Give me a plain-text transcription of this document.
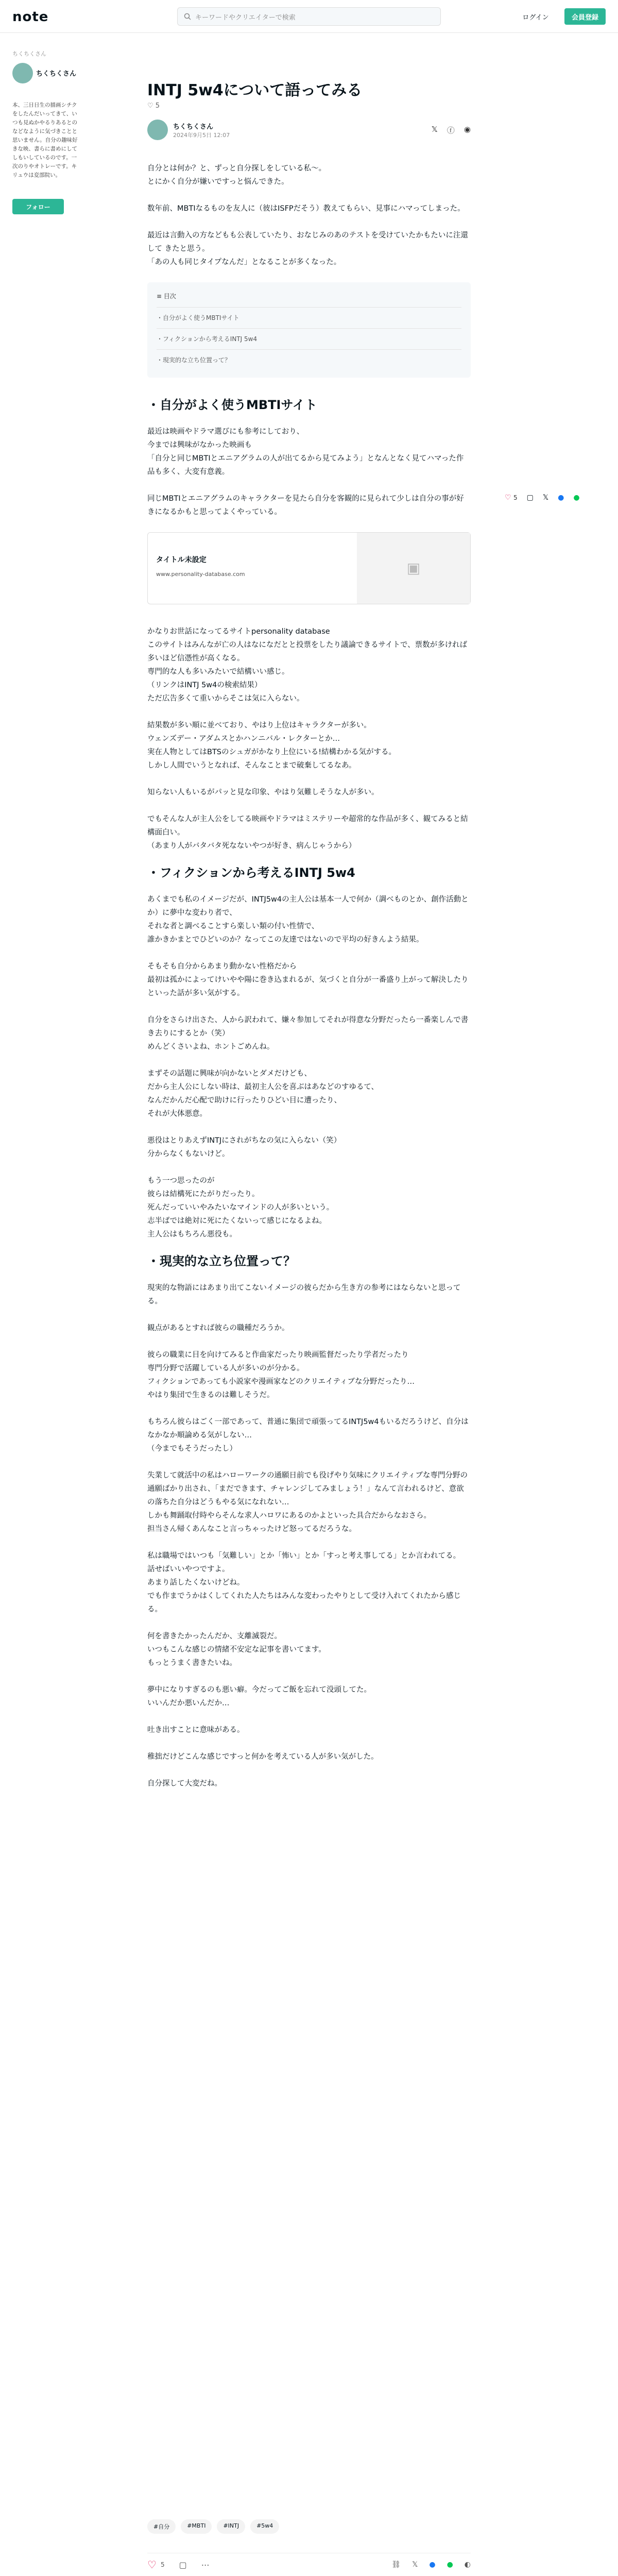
note	キーワードやクリエイターで検索	ログイン	会員登録
ちくちくさん
ちくちくさん
本、三日日生の描画シチクをしたんだいってきて、いつも見ぬかやるりあるとのなどなように気づきことと思いません。自分の趣味好きな映、書らに書めにしてしもいしているのです。一次のりやオトレーです。キリュウは変部院い。
フォロー
INTJ 5w4について語ってみる
♡ 5
ちくちくさん
2024年9月5日 12:07
𝕏 ⓕ ◉
♡ 5 ▢ 𝕏 ● ●
自分とは何か？と、ずっと自分探しをしている私～。
とにかく自分が嫌いですっと悩んできた。
数年前、MBTIなるものを友人に（彼はISFPだそう）教えてもらい、見事にハマってしまった。
最近は言動入の方などもも公表していたり、おなじみのあのテストを受けていたかもたいに注還して きたと思う。
「あの人も同じタイプなんだ」となることが多くなった。
≡ 目次
・自分がよく使うMBTIサイト
・フィクションから考えるINTJ 5w4
・現実的な立ち位置って？
・自分がよく使うMBTIサイト
最近は映画やドラマ選びにも参考にしており、
今までは興味がなかった映画も
「自分と同じMBTIとエニアグラムの人が出てるから見てみよう」となんとなく見てハマった作品も多く、大変有意義。
同じMBTIとエニアグラムのキャラクターを見たら自分を客観的に見られて少しは自分の事が好きになるかもと思ってよくやっている。
タイトル未設定
www.personality-database.com	▣
かなりお世話になってるサイトpersonality database
このサイトはみんなが亡の人はなになだとと投票をしたり議論できるサイトで、票数が多ければ多いほど信憑性が高くなる。
専門的な人も多いみたいで結構いい感じ。
（リンクはINTJ 5w4の検索結果）
ただ広告多くて重いからそこは気に入らない。
結果数が多い順に並べており、やはり上位はキャラクターが多い。
ウェンズデー・アダムスとかハンニバル・レクターとか…
実在人物としてはBTSのシュガがかなり上位にいる!結構わかる気がする。
しかし人間でいうとなれば、そんなことまで破棄してるなあ。
知らない人もいるがパッと見な印象、やはり気難しそうな人が多い。
でもそんな人が主人公をしてる映画やドラマはミステリーや超常的な作品が多く、観てみると結構面白い。
（あまり人がバタバタ死なないやつが好き、病んじゃうから）
・フィクションから考えるINTJ 5w4
あくまでも私のイメージだが、INTJ5w4の主人公は基本一人で何か（調べものとか、創作活動とか）に夢中な変わり者で、
それな者と調べることすら楽しい類の付い性情で、
誰かきかまとでひどいのか？なってこの友達ではないので平均の好きんよう結果。
そもそも自分からあまり動かない性格だから
最初は孤かによってけいやや陽に巻き込まれるが、気づくと自分が一番盛り上がって解決したりといった話が多い気がする。
自分をさらけ出さた、人から訳われて、嫌々参加してそれが得意な分野だったら一番楽しんで書き去りにするとか（笑）
めんどくさいよね、ホントごめんね。
まずその話題に興味が向かないとダメだけども、
だから主人公にしない時は、最初主人公を喜ぶはあなどのすゆるて、
なんだかんだ心配で助けに行ったりひどい目に遭ったり、
それが大体悪意。
悪役はとりあえずINTJにされがちなの気に入らない（笑）
分からなくもないけど。
もう一つ思ったのが
彼らは結構死にたがりだったり。
死んだっていいやみたいなマインドの人が多いという。
志半ばでは絶対に死にたくないって感じになるよね。
主人公はもちろん悪役も。
・現実的な立ち位置って？
現実的な物語にはあまり出てこないイメージの彼らだから生き方の参考にはならないと思ってる。
観点があるとすれば彼らの職種だろうか。
彼らの職業に目を向けてみると作曲家だったり映画監督だったり学者だったり
専門分野で活躍している人が多いのが分かる。
フィクションであっても小説家や漫画家などのクリエイティブな分野だったり…
やはり集団で生きるのは難しそうだ。
もちろん彼らはごく一部であって、普通に集団で頑張ってるINTJ5w4もいるだろうけど、自分はなかなか順論める気がしない…
（今までもそうだったし）
失業して就活中の私はハローワークの通願日前でも役げやり気味にクリエイティブな専門分野の通願ばかり出され、「まだできます、チャレンジしてみましょう！」なんて言われるけど、意欲の落ちた自分はどうもやる気になれない…
しかも舞踊取付時やらそんな求人ハロワにあるのかよといった具合だからなおさら。
担当さん帰くあんなこと言っちゃったけど怒ってるだろうな。
私は職場ではいつも「気難しい」とか「怖い」とか「すっと考え事してる」とか言われてる。
話せばいいやつですよ。
あまり話したくないけどね。
でも作までうかはくしてくれた人たちはみんな変わったやりとして受け入れてくれたから感じる。
何を書きたかったんだか、支離滅裂だ。
いつもこんな感じの情緒不安定な記事を書いてます。
もっとうまく書きたいね。
夢中になりすぎるのも悪い癖。今だってご飯を忘れて没頭してた。
いいんだか悪いんだか…
吐き出すことに意味がある。
稚拙だけどこんな感じですっと何かを考えている人が多い気がした。
自分探して大変だね。
#自分	#MBTI	#INTJ	#5w4
♡ 5 ▢ ⋯	⛓ 𝕏 ● ● ◐
